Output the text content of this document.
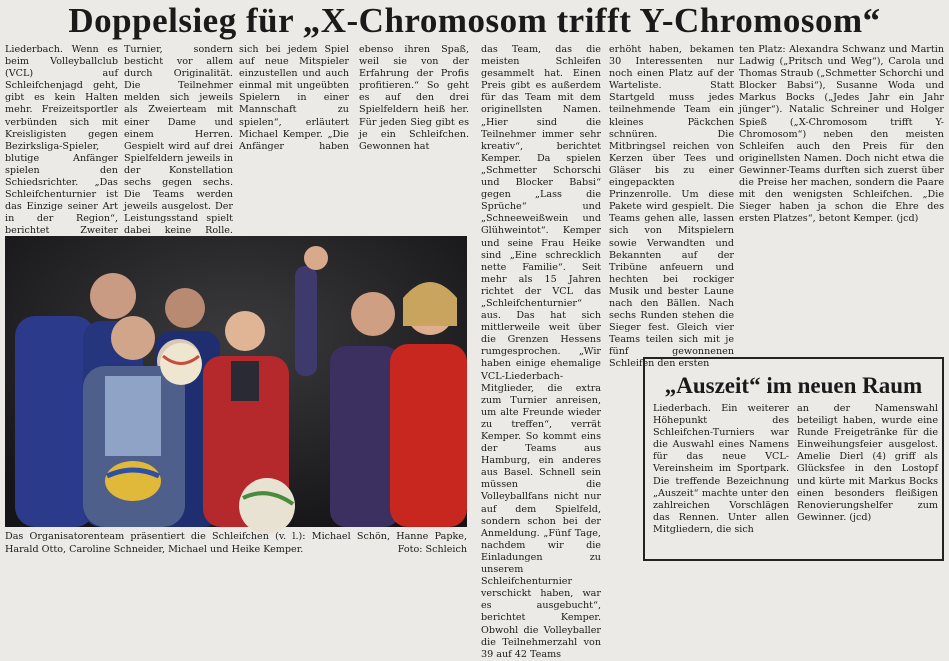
Doppelsieg für „X-Chromosom trifft Y-Chromosom“

Liederbach. Wenn es beim Volleyballclub (VCL) auf Schleifchenjagd geht, gibt es kein Halten mehr. Freizeitsportler verbünden sich mit Kreisligisten gegen Bezirksliga-Spieler, blutige Anfänger spielen den Schiedsrichter. „Das Schleifchenturnier ist das Einzige seiner Art in der Region“, berichtet Zweiter

Turnier, sondern besticht vor allem durch Originalität. Die Teilnehmer melden sich jeweils als Zweierteam mit einer Dame und einem Herren. Gespielt wird auf drei Spielfeldern jeweils in der Konstellation sechs gegen sechs. Die Teams werden jeweils ausgelost. Der Leistungsstand spielt dabei keine Rolle.

sich bei jedem Spiel auf neue Mitspieler einzustellen und auch einmal mit ungeübten Spielern in einer Mannschaft zu spielen“, erläutert Michael Kemper. „Die Anfänger haben ebenso ihren Spaß, weil sie von der Erfahrung der Profis profitieren.“ So geht es auf den drei Spielfeldern heiß her. Für jeden Sieg gibt es je ein Schleifchen. Gewonnen hat

das Team, das die meisten Schleifen gesammelt hat. Einen Preis gibt es außerdem für das Team mit dem originellsten Namen. „Hier sind die Teilnehmer immer sehr kreativ“, berichtet Kemper. Da spielen „Schmetter Schorschi und Blocker Babsi“ gegen „Lass die Sprüche“ und „Schneeweißwein und Glühweintot“. Kemper und seine Frau Heike sind „Eine schrecklich nette Familie“. Seit mehr als 15 Jahren richtet der VCL das „Schleifchenturnier“ aus. Das hat sich mittlerweile weit über die Grenzen Hessens rumgesprochen. „Wir haben einige ehemalige VCL-Liederbach-Mitglieder, die extra zum Turnier anreisen, um alte Freunde wieder zu treffen“, verrät Kemper. So kommt eins der Teams aus Hamburg, ein anderes aus Basel. Schnell sein müssen die Volleyballfans nicht nur auf dem Spielfeld, sondern schon bei der Anmeldung. „Fünf Tage, nachdem wir die Einladungen zu unserem Schleifchenturnier verschickt haben, war es ausgebucht“, berichtet Kemper. Obwohl die Volleyballer die Teilnehmerzahl von 39 auf 42 Teams

erhöht haben, bekamen 30 Interessenten nur noch einen Platz auf der Warteliste. Statt Startgeld muss jedes teilnehmende Team ein kleines Päckchen schnüren. Die Mitbringsel reichen von Kerzen über Tees und Gläser bis zu einer eingepackten Prinzenrolle. Um diese Pakete wird gespielt. Die Teams gehen alle, lassen sich von Mitspielern sowie Verwandten und Bekannten auf der Tribüne anfeuern und hechten bei rockiger Musik und bester Laune nach den Bällen. Nach sechs Runden stehen die Sieger fest. Gleich vier Teams teilen sich mit je fünf gewonnenen Schleifen den ersten

ten Platz: Alexandra Schwanz und Martin Ladwig („Pritsch und Weg“), Carola und Thomas Straub („Schmetter Schorchi und Blocker Babsi“), Susanne Woda und Markus Bocks („Jedes Jahr ein Jahr jünger“). Natalic Schreiner und Holger Spieß („X-Chromosom trifft Y-Chromosom“) neben den meisten Schleifen auch den Preis für den originellsten Namen. Doch nicht etwa die Gewinner-Teams durften sich zuerst über die Preise her machen, sondern die Paare mit den wenigsten Schleifchen. „Die Sieger haben ja schon die Ehre des ersten Platzes“, betont Kemper. (jcd)

Das Organisatorenteam präsentiert die Schleifchen (v. l.): Michael Schön, Hanne Papke, Harald Otto, Caroline Schneider, Michael und Heike Kemper.	Foto: Schleich
„Auszeit“ im neuen Raum
Liederbach. Ein weiterer Höhepunkt des Schleifchen-Turniers war die Auswahl eines Namens für das neue VCL-Vereinsheim im Sportpark. Die treffende Bezeichnung „Auszeit“ machte unter den zahlreichen Vorschlägen das Rennen. Unter allen Mitgliedern, die sich
an der Namenswahl beteiligt haben, wurde eine Runde Freigetränke für die Einweihungsfeier ausgelost. Amelie Dierl (4) griff als Glücksfee in den Lostopf und kürte mit Markus Bocks einen besonders fleißigen Renovierungshelfer zum Gewinner. (jcd)
